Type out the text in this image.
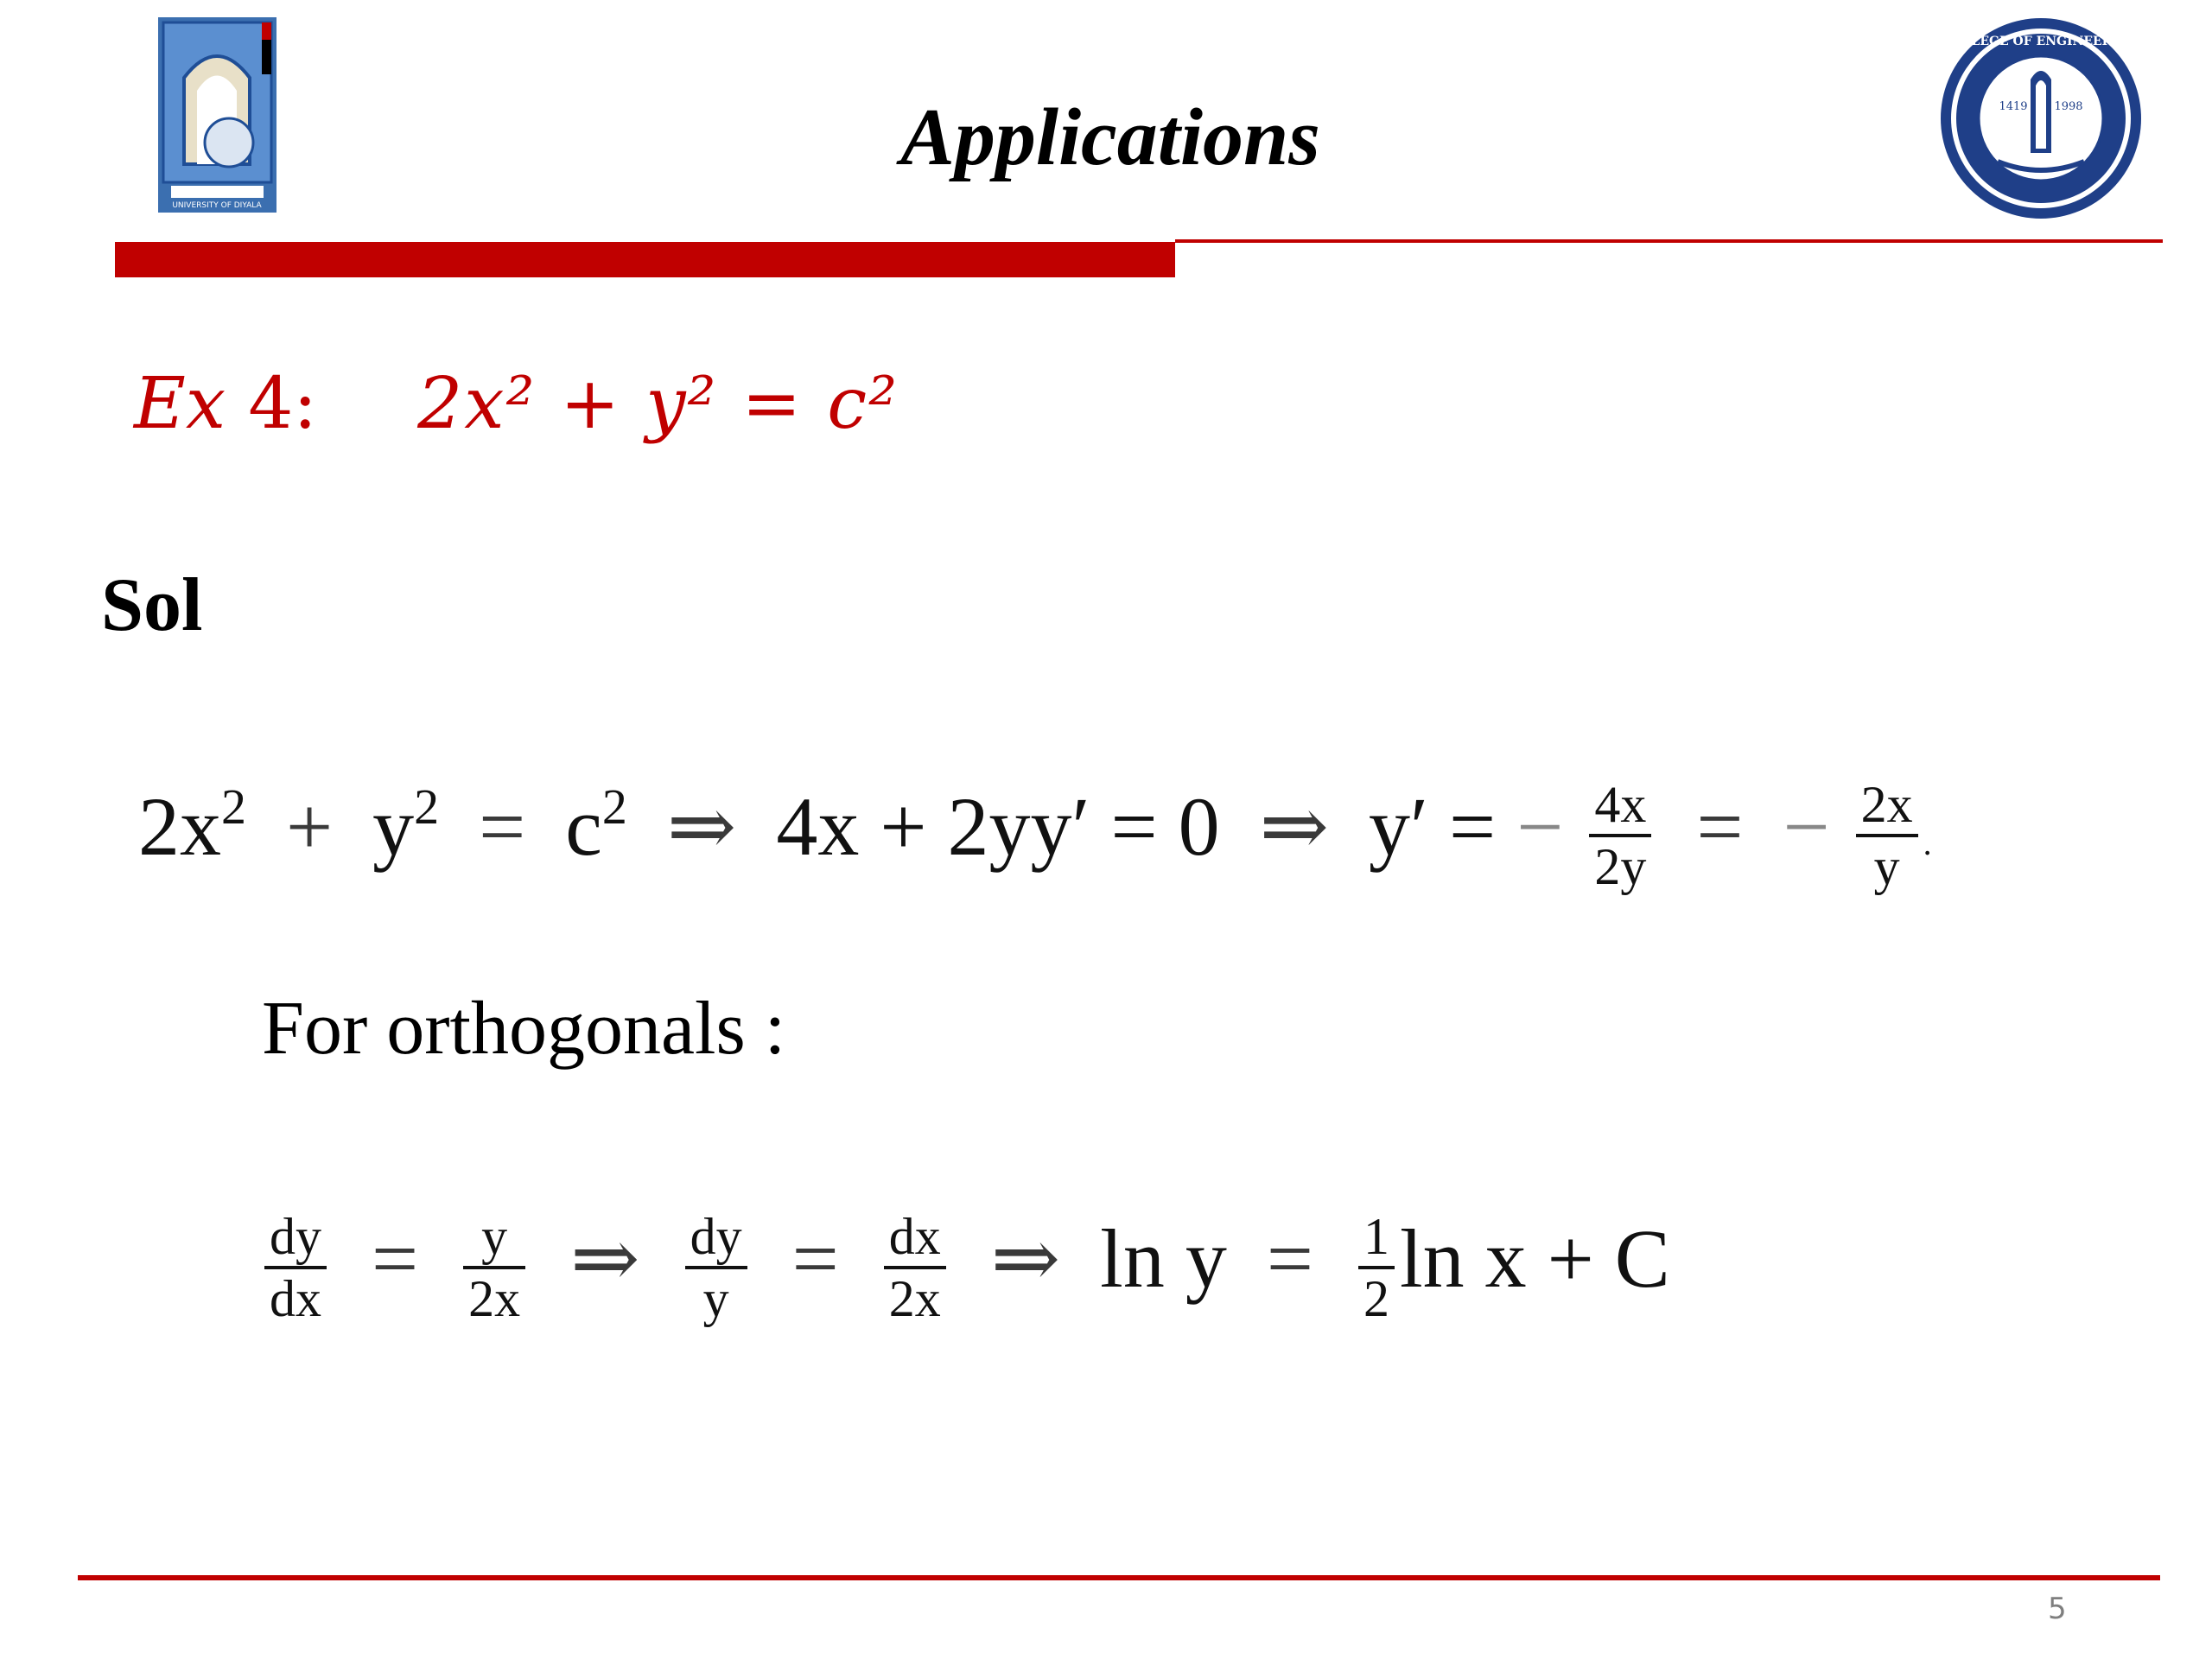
UNIVERSITY OF DIYALA
Applications	1419 1998
COLLEGE OF ENGINEERING
Ex 4: 2x² + y² = c²
Sol
$2x^2 + y^2 = c^2$ ⇒ 4x + 2yy′ = 0 ⇒ y′ = − $\frac{4x}{2y}$ = − $\frac{2x}{y}$ .
For orthogonals :
$\frac{dy}{dx} = \frac{y}{2x}$ ⇒ $\frac{dy}{y} = \frac{dx}{2x}$ ⇒ $\ln y = \frac{1}{2}$ ln x + C
5
